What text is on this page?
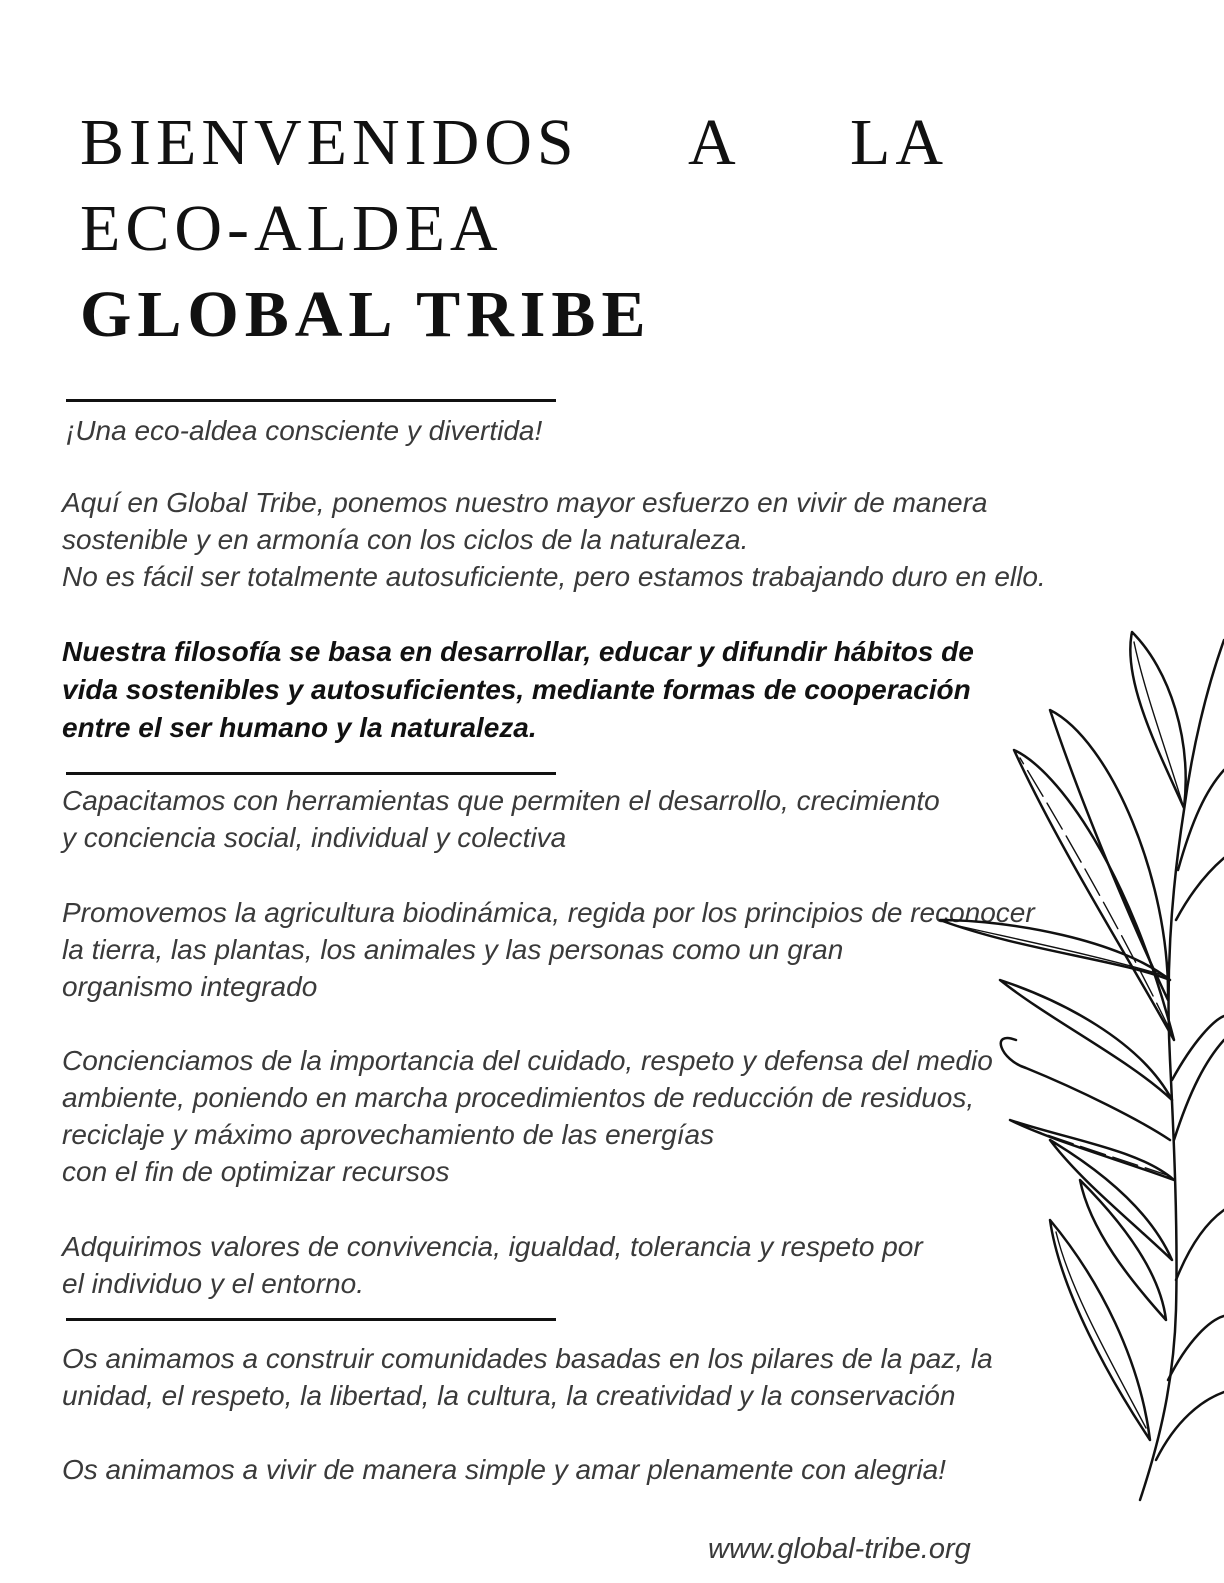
BIENVENIDOS A LA
ECO-ALDEA
GLOBAL TRIBE

¡Una eco-aldea consciente y divertida!

Aquí en Global Tribe, ponemos nuestro mayor esfuerzo en vivir de manera
sostenible y en armonía con los ciclos de la naturaleza.
No es fácil ser totalmente autosuficiente, pero estamos trabajando duro en ello.

Nuestra filosofía se basa en desarrollar, educar y difundir hábitos de
vida sostenibles y autosuficientes, mediante formas de cooperación
entre el ser humano y la naturaleza.

Capacitamos con herramientas que permiten el desarrollo, crecimiento
y conciencia social, individual y colectiva

Promovemos la agricultura biodinámica, regida por los principios de reconocer
la tierra, las plantas, los animales y las personas como un gran
organismo integrado

Concienciamos de la importancia del cuidado, respeto y defensa del medio
ambiente, poniendo en marcha procedimientos de reducción de residuos,
reciclaje y máximo aprovechamiento de las energías
con el fin de optimizar recursos

Adquirimos valores de convivencia, igualdad, tolerancia y respeto por
el individuo y el entorno.

Os animamos a construir comunidades basadas en los pilares de la paz, la
unidad, el respeto, la libertad, la cultura, la creatividad y la conservación

Os animamos a vivir de manera simple y amar plenamente con alegria!

www.global-tribe.org
